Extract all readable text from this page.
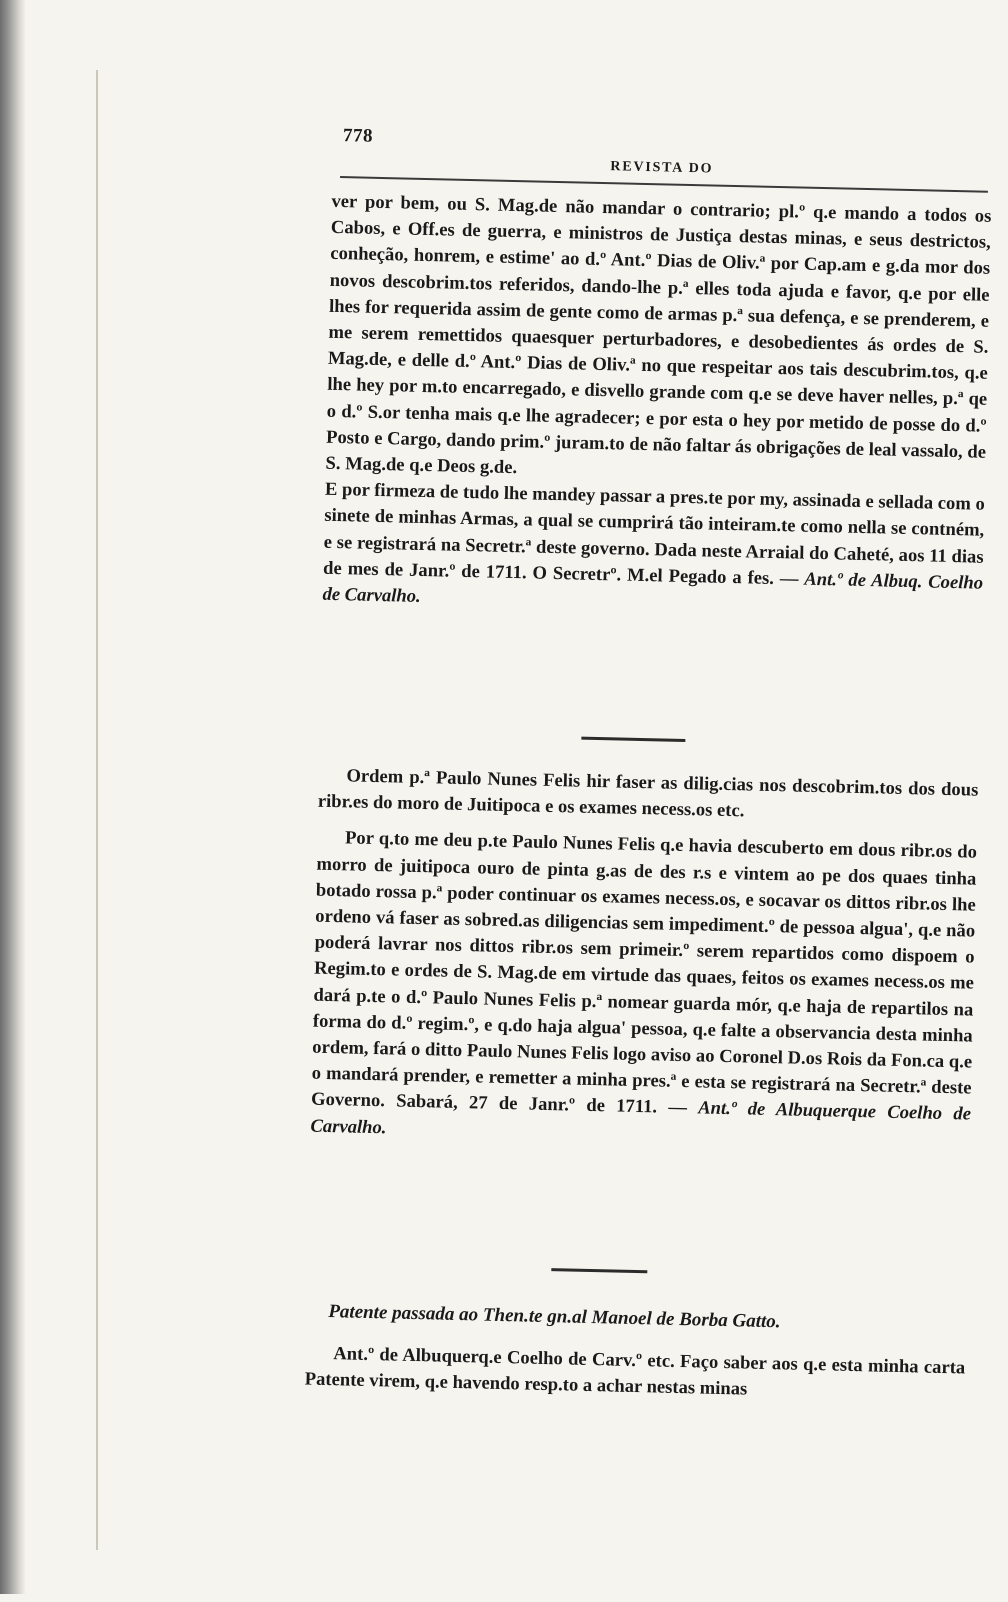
778
REVISTA DO

ver por bem, ou S. Mag.de não mandar o contrario; pl.º q.e mando a todos os Cabos, e Off.es de guerra, e ministros de Justiça destas minas, e seus destrictos, conheção, honrem, e estime' ao d.º Ant.º Dias de Oliv.ª por Cap.am e g.da mor dos novos descobrim.tos referidos, dando-lhe p.ª elles toda ajuda e favor, q.e por elle lhes for requerida assim de gente como de armas p.ª sua defença, e se prenderem, e me serem remettidos quaesquer perturbadores, e desobedientes ás ordes de S. Mag.de, e delle d.º Ant.º Dias de Oliv.ª no que respeitar aos tais descubrim.tos, q.e lhe hey por m.to encarregado, e disvello grande com q.e se deve haver nelles, p.ª qe o d.º S.or tenha mais q.e lhe agradecer; e por esta o hey por metido de posse do d.º Posto e Cargo, dando prim.º juram.to de não faltar ás obrigações de leal vassalo, de S. Mag.de q.e Deos g.de.

E por firmeza de tudo lhe mandey passar a pres.te por my, assinada e sellada com o sinete de minhas Armas, a qual se cumprirá tão inteiram.te como nella se contném, e se registrará na Secretr.ª deste governo. Dada neste Arraial do Caheté, aos 11 dias de mes de Janr.º de 1711. O Secretrº. M.el Pegado a fes. — Ant.º de Albuq. Coelho de Carvalho.

Ordem p.ª Paulo Nunes Felis hir faser as dilig.cias nos descobrim.tos dos dous ribr.es do moro de Juitipoca e os exames necess.os etc.

Por q.to me deu p.te Paulo Nunes Felis q.e havia descuberto em dous ribr.os do morro de juitipoca ouro de pinta g.as de des r.s e vintem ao pe dos quaes tinha botado rossa p.ª poder continuar os exames necess.os, e socavar os dittos ribr.os lhe ordeno vá faser as sobred.as diligencias sem impediment.º de pessoa algua', q.e não poderá lavrar nos dittos ribr.os sem primeir.º serem repartidos como dispoem o Regim.to e ordes de S. Mag.de em virtude das quaes, feitos os exames necess.os me dará p.te o d.º Paulo Nunes Felis p.ª nomear guarda mór, q.e haja de repartilos na forma do d.º regim.º, e q.do haja algua' pessoa, q.e falte a observancia desta minha ordem, fará o ditto Paulo Nunes Felis logo aviso ao Coronel D.os Rois da Fon.ca q.e o mandará prender, e remetter a minha pres.ª e esta se registrará na Secretr.ª deste Governo. Sabará, 27 de Janr.º de 1711. — Ant.º de Albuquerque Coelho de Carvalho.

Patente passada ao Then.te gn.al Manoel de Borba Gatto.

Ant.º de Albuquerq.e Coelho de Carv.º etc. Faço saber aos q.e esta minha carta Patente virem, q.e havendo resp.to a achar nestas minas
